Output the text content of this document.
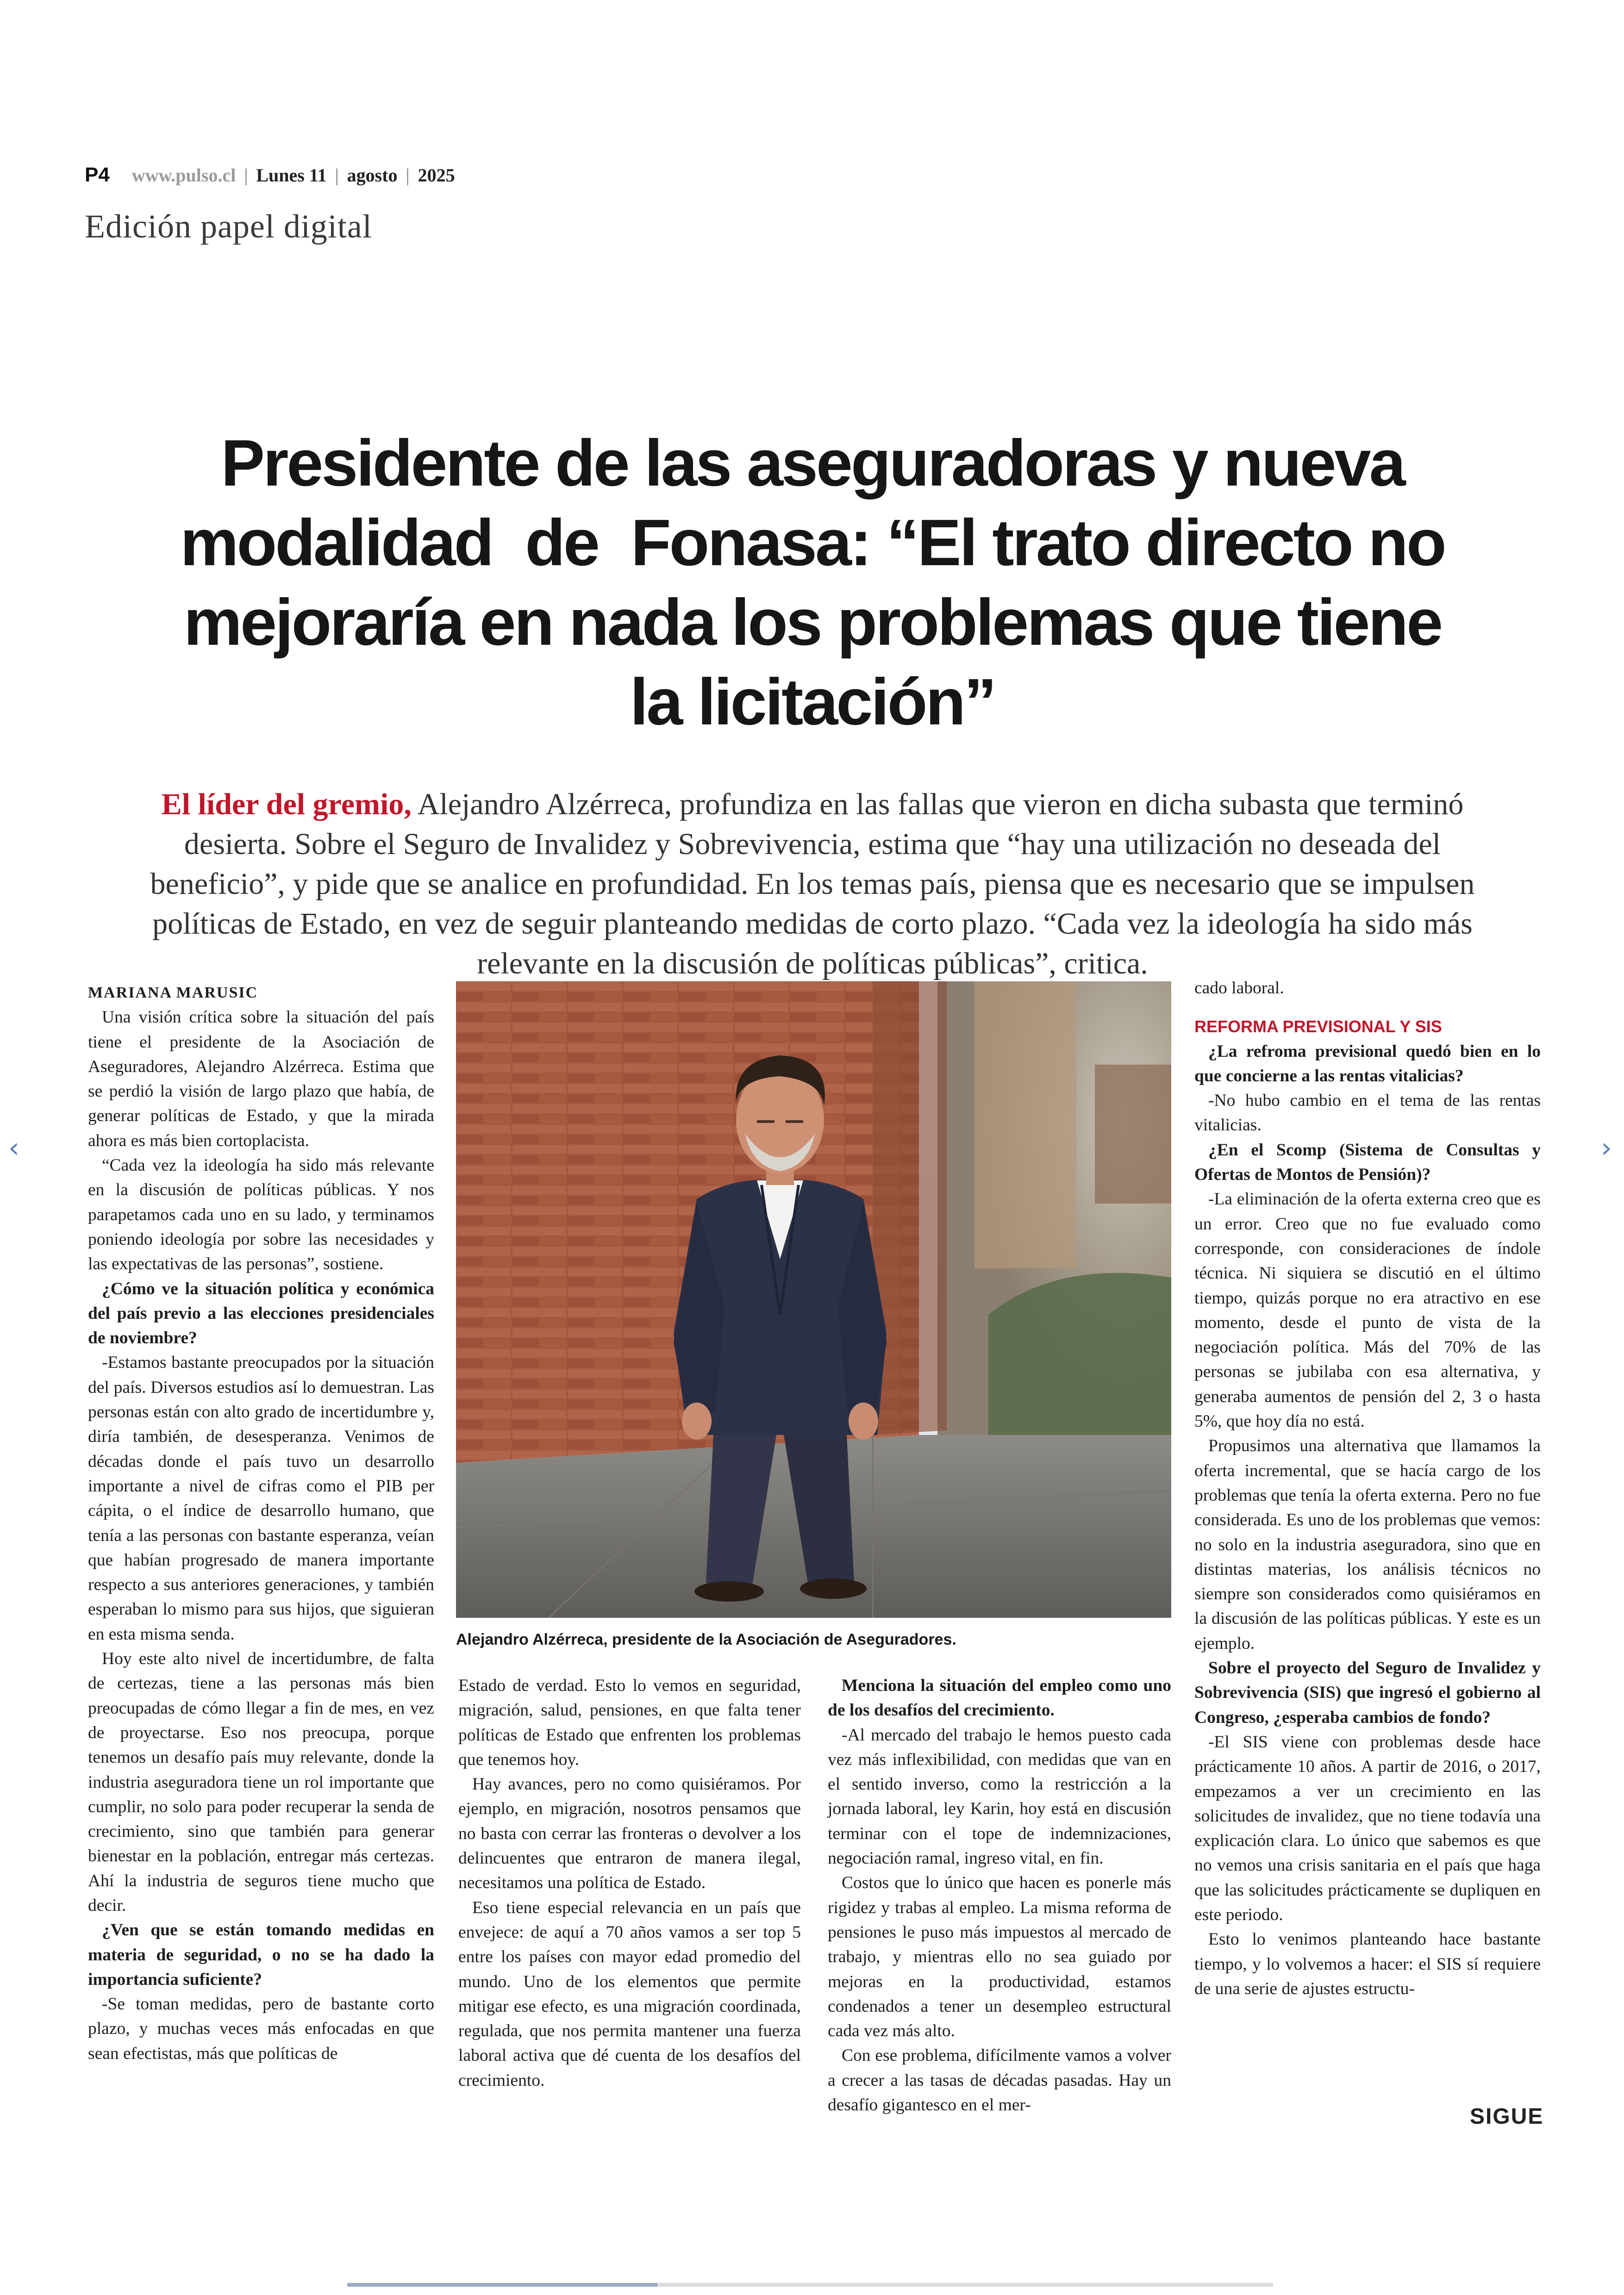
P4 www.pulso.cl | Lunes 11 | agosto | 2025
Edición papel digital
Presidente de las aseguradoras y nueva
modalidad  de  Fonasa: “El trato directo no
mejoraría en nada los problemas que tiene
la licitación”
El líder del gremio, Alejandro Alzérreca, profundiza en las fallas que vieron en dicha subasta que terminó desierta. Sobre el Seguro de Invalidez y Sobrevivencia, estima que “hay una utilización no deseada del beneficio”, y pide que se analice en profundidad. En los temas país, piensa que es necesario que se impulsen políticas de Estado, en vez de seguir planteando medidas de corto plazo. “Cada vez la ideología ha sido más relevante en la discusión de políticas públicas”, critica.
‹	›
Alejandro Alzérreca, presidente de la Asociación de Aseguradores.

MARIANA MARUSIC

Una visión crítica sobre la situación del país tiene el presidente de la Asociación de Aseguradores, Alejandro Alzérreca. Estima que se perdió la visión de largo plazo que había, de generar políticas de Estado, y que la mirada ahora es más bien cortoplacista.

“Cada vez la ideología ha sido más relevante en la discusión de políticas públicas. Y nos parapetamos cada uno en su lado, y terminamos poniendo ideología por sobre las necesidades y las expectativas de las personas”, sostiene.

¿Cómo ve la situación política y económica del país previo a las elecciones presidenciales de noviembre?

-Estamos bastante preocupados por la situación del país. Diversos estudios así lo demuestran. Las personas están con alto grado de incertidumbre y, diría también, de desesperanza. Venimos de décadas donde el país tuvo un desarrollo importante a nivel de cifras como el PIB per cápita, o el índice de desarrollo humano, que tenía a las personas con bastante esperanza, veían que habían progresado de manera importante respecto a sus anteriores generaciones, y también esperaban lo mismo para sus hijos, que siguieran en esta misma senda.

Hoy este alto nivel de incertidumbre, de falta de certezas, tiene a las personas más bien preocupadas de cómo llegar a fin de mes, en vez de proyectarse. Eso nos preocupa, porque tenemos un desafío país muy relevante, donde la industria aseguradora tiene un rol importante que cumplir, no solo para poder recuperar la senda de crecimiento, sino que también para generar bienestar en la población, entregar más certezas. Ahí la industria de seguros tiene mucho que decir.

¿Ven que se están tomando medidas en materia de seguridad, o no se ha dado la importancia suficiente?

-Se toman medidas, pero de bastante corto plazo, y muchas veces más enfocadas en que sean efectistas, más que políticas de

Estado de verdad. Esto lo vemos en seguridad, migración, salud, pensiones, en que falta tener políticas de Estado que enfrenten los problemas que tenemos hoy.

Hay avances, pero no como quisiéramos. Por ejemplo, en migración, nosotros pensamos que no basta con cerrar las fronteras o devolver a los delincuentes que entraron de manera ilegal, necesitamos una política de Estado.

Eso tiene especial relevancia en un país que envejece: de aquí a 70 años vamos a ser top 5 entre los países con mayor edad promedio del mundo. Uno de los elementos que permite mitigar ese efecto, es una migración coordinada, regulada, que nos permita mantener una fuerza laboral activa que dé cuenta de los desafíos del crecimiento.

Menciona la situación del empleo como uno de los desafíos del crecimiento.

-Al mercado del trabajo le hemos puesto cada vez más inflexibilidad, con medidas que van en el sentido inverso, como la restricción a la jornada laboral, ley Karin, hoy está en discusión terminar con el tope de indemnizaciones, negociación ramal, ingreso vital, en fin.

Costos que lo único que hacen es ponerle más rigidez y trabas al empleo. La misma reforma de pensiones le puso más impuestos al mercado de trabajo, y mientras ello no sea guiado por mejoras en la productividad, estamos condenados a tener un desempleo estructural cada vez más alto.

Con ese problema, difícilmente vamos a volver a crecer a las tasas de décadas pasadas. Hay un desafío gigantesco en el mer-

cado laboral.

REFORMA PREVISIONAL Y SIS

¿La refroma previsional quedó bien en lo que concierne a las rentas vitalicias?

-No hubo cambio en el tema de las rentas vitalicias.

¿En el Scomp (Sistema de Consultas y Ofertas de Montos de Pensión)?

-La eliminación de la oferta externa creo que es un error. Creo que no fue evaluado como corresponde, con consideraciones de índole técnica. Ni siquiera se discutió en el último tiempo, quizás porque no era atractivo en ese momento, desde el punto de vista de la negociación política. Más del 70% de las personas se jubilaba con esa alternativa, y generaba aumentos de pensión del 2, 3 o hasta 5%, que hoy día no está.

Propusimos una alternativa que llamamos la oferta incremental, que se hacía cargo de los problemas que tenía la oferta externa. Pero no fue considerada. Es uno de los problemas que vemos: no solo en la industria aseguradora, sino que en distintas materias, los análisis técnicos no siempre son considerados como quisiéramos en la discusión de las políticas públicas. Y este es un ejemplo.

Sobre el proyecto del Seguro de Invalidez y Sobrevivencia (SIS) que ingresó el gobierno al Congreso, ¿esperaba cambios de fondo?

-El SIS viene con problemas desde hace prácticamente 10 años. A partir de 2016, o 2017, empezamos a ver un crecimiento en las solicitudes de invalidez, que no tiene todavía una explicación clara. Lo único que sabemos es que no vemos una crisis sanitaria en el país que haga que las solicitudes prácticamente se dupliquen en este periodo.

Esto lo venimos planteando hace bastante tiempo, y lo volvemos a hacer: el SIS sí requiere de una serie de ajustes estructu-

SIGUE
